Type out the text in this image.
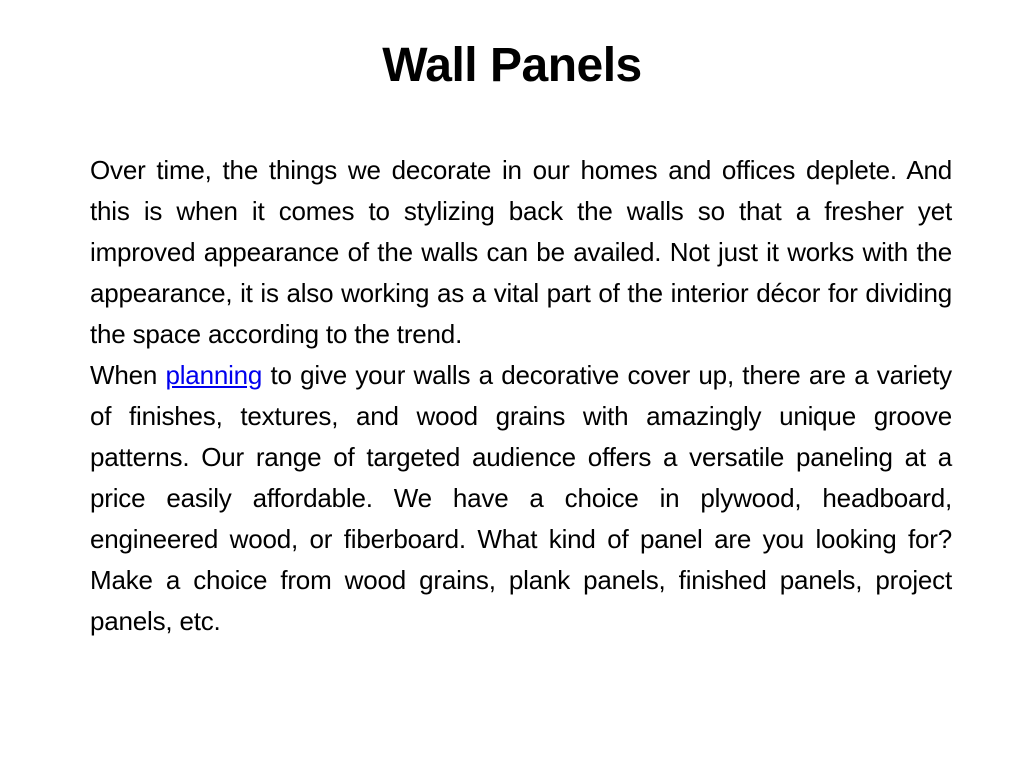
Wall Panels

Over time, the things we decorate in our homes and offices deplete. And this is when it comes to stylizing back the walls so that a fresher yet improved appearance of the walls can be availed. Not just it works with the appearance, it is also working as a vital part of the interior décor for dividing the space according to the trend.

When planning to give your walls a decorative cover up, there are a variety of finishes, textures, and wood grains with amazingly unique groove patterns. Our range of targeted audience offers a versatile paneling at a price easily affordable. We have a choice in plywood, headboard, engineered wood, or fiberboard. What kind of panel are you looking for? Make a choice from wood grains, plank panels, finished panels, project panels, etc.
